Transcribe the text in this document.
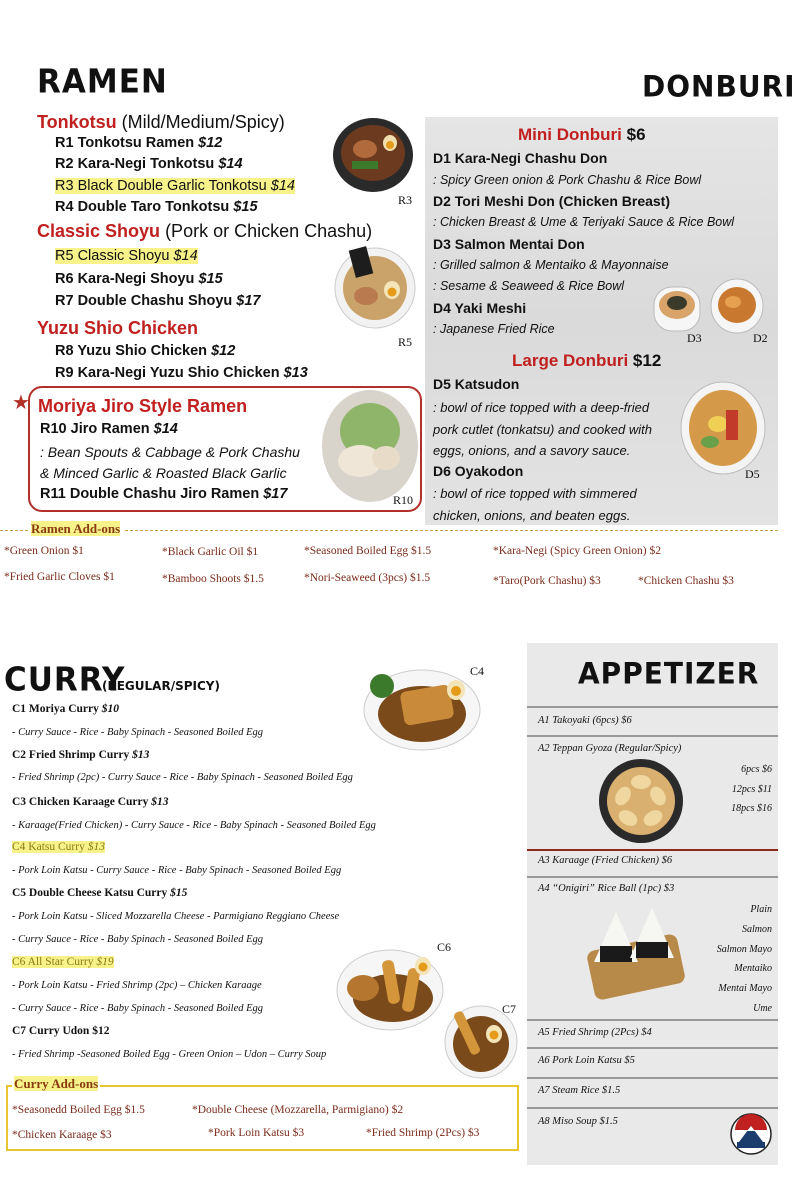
RAMEN
Tonkotsu (Mild/Medium/Spicy)
R1 Tonkotsu Ramen $12
R2 Kara-Negi Tonkotsu $14
R3 Black Double Garlic Tonkotsu $14
R4 Double Taro Tonkotsu $15
Classic Shoyu (Pork or Chicken Chashu)
R5 Classic Shoyu $14
R6 Kara-Negi Shoyu $15
R7 Double Chashu Shoyu $17
Yuzu Shio Chicken
R8 Yuzu Shio Chicken $12
R9 Kara-Negi Yuzu Shio Chicken $13
★ Moriya Jiro Style Ramen
R10 Jiro Ramen $14
: Bean Spouts & Cabbage & Pork Chashu
& Minced Garlic & Roasted Black Garlic
R11 Double Chashu Jiro Ramen $17
R3
R5
R10
DONBURI
Mini Donburi $6
D1 Kara-Negi Chashu Don
: Spicy Green onion & Pork Chashu & Rice Bowl
D2 Tori Meshi Don (Chicken Breast)
: Chicken Breast & Ume & Teriyaki Sauce & Rice Bowl
D3 Salmon Mentai Don
: Grilled salmon & Mentaiko & Mayonnaise
: Sesame & Seaweed & Rice Bowl
D4 Yaki Meshi
: Japanese Fried Rice
D3	D2
Large Donburi $12
D5 Katsudon
: bowl of rice topped with a deep-fried
pork cutlet (tonkatsu) and cooked with
eggs, onions, and a savory sauce.
D6 Oyakodon
: bowl of rice topped with simmered
chicken, onions, and beaten eggs.
D5
Ramen Add-ons
*Green Onion $1	*Black Garlic Oil $1	*Seasoned Boiled Egg $1.5	*Kara-Negi (Spicy Green Onion) $2
*Fried Garlic Cloves $1	*Bamboo Shoots $1.5	*Nori-Seaweed (3pcs) $1.5	*Taro(Pork Chashu) $3	*Chicken Chashu $3
CURRY
(REGULAR/SPICY)
C1 Moriya Curry $10
- Curry Sauce - Rice - Baby Spinach - Seasoned Boiled Egg
C2 Fried Shrimp Curry $13
- Fried Shrimp (2pc) - Curry Sauce - Rice - Baby Spinach - Seasoned Boiled Egg
C3 Chicken Karaage Curry $13
- Karaage(Fried Chicken) - Curry Sauce - Rice - Baby Spinach - Seasoned Boiled Egg
C4 Katsu Curry $13
- Pork Loin Katsu - Curry Sauce - Rice - Baby Spinach - Seasoned Boiled Egg
C5 Double Cheese Katsu Curry $15
- Pork Loin Katsu - Sliced Mozzarella Cheese - Parmigiano Reggiano Cheese
- Curry Sauce - Rice - Baby Spinach - Seasoned Boiled Egg
C6 All Star Curry $19
- Pork Loin Katsu - Fried Shrimp (2pc) – Chicken Karaage
- Curry Sauce - Rice - Baby Spinach - Seasoned Boiled Egg
C7 Curry Udon $12
- Fried Shrimp -Seasoned Boiled Egg - Green Onion – Udon – Curry Soup
C4
C6
C7
Curry Add-ons
*Seasonedd Boiled Egg $1.5	*Double Cheese (Mozzarella, Parmigiano) $2
*Chicken Karaage $3	*Pork Loin Katsu $3	*Fried Shrimp (2Pcs) $3
APPETIZER
A1 Takoyaki (6pcs) $6
A2 Teppan Gyoza (Regular/Spicy)
6pcs $6
12pcs $11
18pcs $16
A3 Karaage (Fried Chicken) $6
A4 “Onigiri” Rice Ball (1pc) $3
Plain
Salmon
Salmon Mayo
Mentaiko
Mentai Mayo
Ume
A5 Fried Shrimp (2Pcs) $4
A6 Pork Loin Katsu $5
A7 Steam Rice $1.5
A8 Miso Soup $1.5
